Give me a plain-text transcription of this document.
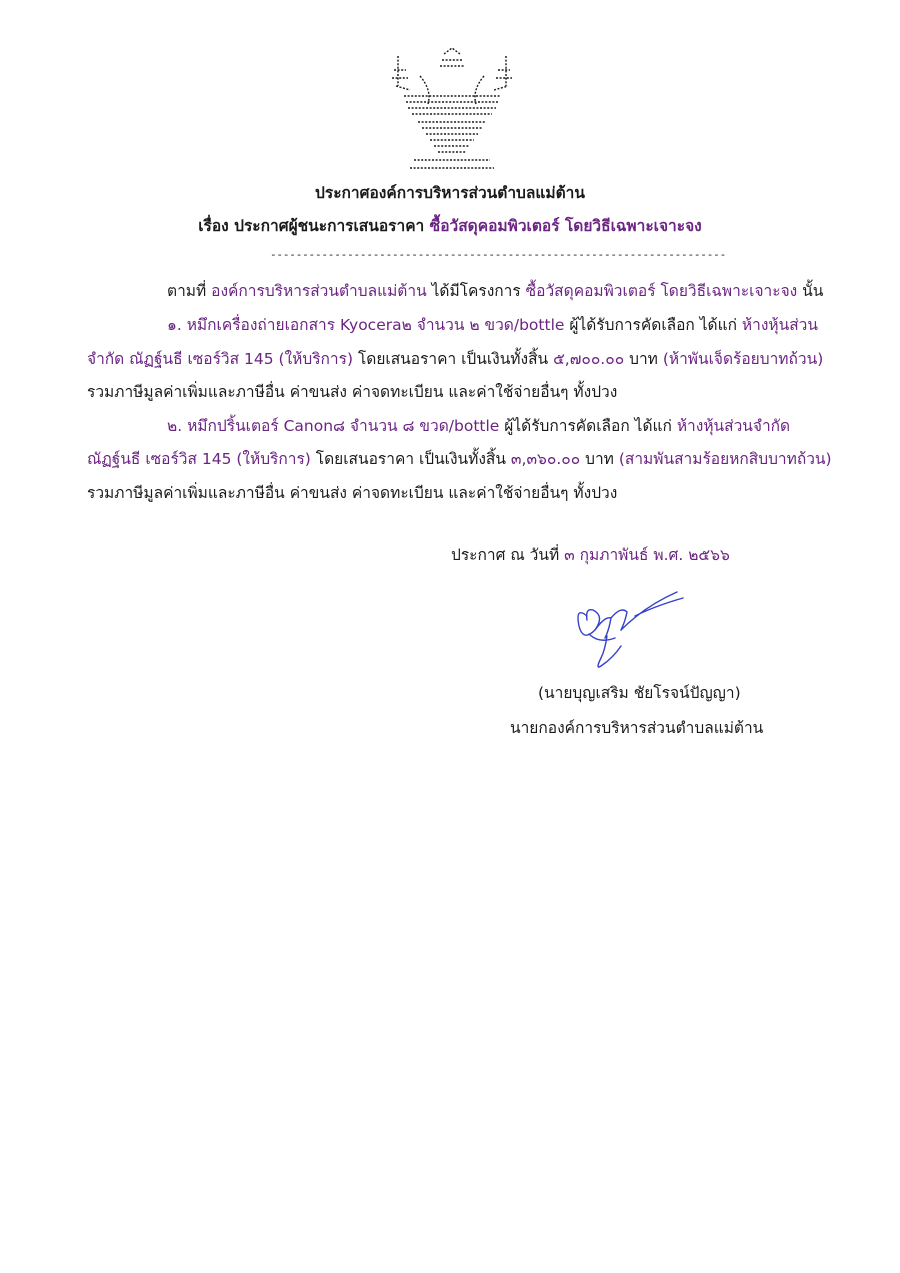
ประกาศองค์การบริหารส่วนตำบลแม่ต้าน
เรื่อง ประกาศผู้ชนะการเสนอราคา ซื้อวัสดุคอมพิวเตอร์ โดยวิธีเฉพาะเจาะจง
-----------------------------------------------------------------------
ตามที่ องค์การบริหารส่วนตำบลแม่ต้าน ได้มีโครงการ ซื้อวัสดุคอมพิวเตอร์ โดยวิธีเฉพาะเจาะจง นั้น
๑. หมึกเครื่องถ่ายเอกสาร Kyocera๒ จำนวน ๒ ขวด/bottle ผู้ได้รับการคัดเลือก ได้แก่ ห้างหุ้นส่วน
จำกัด ณัฏฐ์นธี เซอร์วิส 145 (ให้บริการ) โดยเสนอราคา เป็นเงินทั้งสิ้น ๕,๗๐๐.๐๐ บาท (ห้าพันเจ็ดร้อยบาทถ้วน)
รวมภาษีมูลค่าเพิ่มและภาษีอื่น ค่าขนส่ง ค่าจดทะเบียน และค่าใช้จ่ายอื่นๆ ทั้งปวง
๒. หมึกปริ้นเตอร์ Canon๘ จำนวน ๘ ขวด/bottle ผู้ได้รับการคัดเลือก ได้แก่ ห้างหุ้นส่วนจำกัด
ณัฏฐ์นธี เซอร์วิส 145 (ให้บริการ) โดยเสนอราคา เป็นเงินทั้งสิ้น ๓,๓๖๐.๐๐ บาท (สามพันสามร้อยหกสิบบาทถ้วน)
รวมภาษีมูลค่าเพิ่มและภาษีอื่น ค่าขนส่ง ค่าจดทะเบียน และค่าใช้จ่ายอื่นๆ ทั้งปวง
ประกาศ ณ วันที่ ๓ กุมภาพันธ์ พ.ศ. ๒๕๖๖
(นายบุญเสริม ชัยโรจน์ปัญญา)
นายกองค์การบริหารส่วนตำบลแม่ต้าน
